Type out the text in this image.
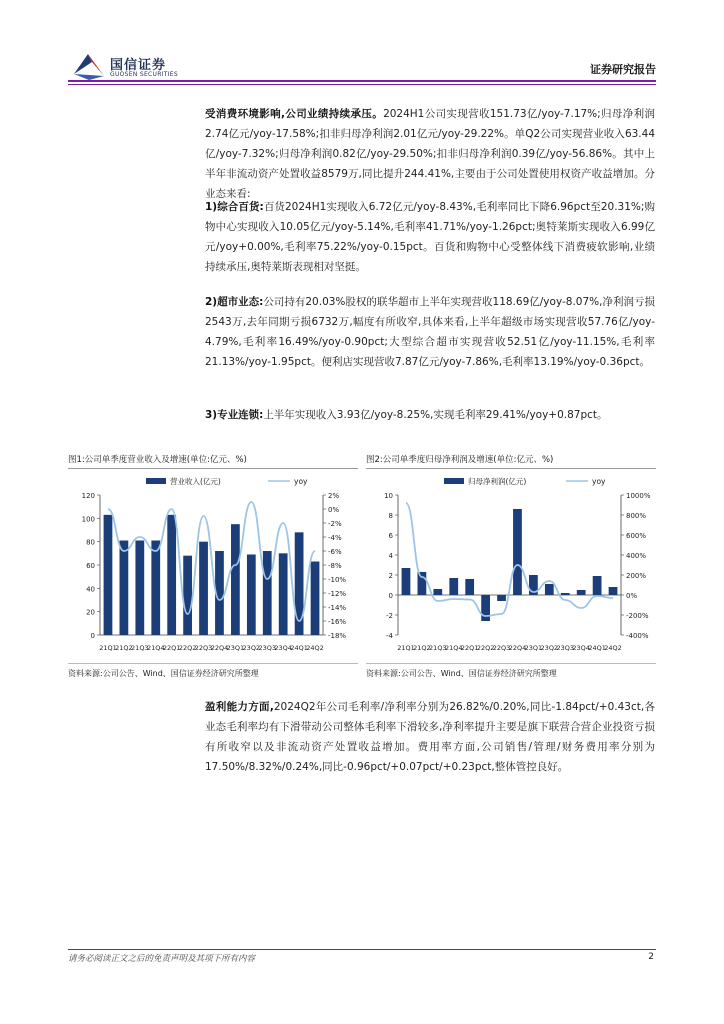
国信证券
GUOSEN SECURITIES	证券研究报告
受消费环境影响,公司业绩持续承压。2024H1公司实现营收151.73亿/yoy-7.17%;归母净利润2.74亿元/yoy-17.58%;扣非归母净利润2.01亿元/yoy-29.22%。单Q2公司实现营业收入63.44亿/yoy-7.32%;归母净利润0.82亿/yoy-29.50%;扣非归母净利润0.39亿/yoy-56.86%。其中上半年非流动资产处置收益8579万,同比提升244.41%,主要由于公司处置使用权资产收益增加。分业态来看:
1)综合百货:百货2024H1实现收入6.72亿元/yoy-8.43%,毛利率同比下降6.96pct至20.31%;购物中心实现收入10.05亿元/yoy-5.14%,毛利率41.71%/yoy-1.26pct;奥特莱斯实现收入6.99亿元/yoy+0.00%,毛利率75.22%/yoy-0.15pct。百货和购物中心受整体线下消费疲软影响,业绩持续承压,奥特莱斯表现相对坚挺。
2)超市业态:公司持有20.03%股权的联华超市上半年实现营收118.69亿/yoy-8.07%,净利润亏损2543万,去年同期亏损6732万,幅度有所收窄,具体来看,上半年超级市场实现营收57.76亿/yoy-4.79%,毛利率16.49%/yoy-0.90pct;大型综合超市实现营收52.51亿/yoy-11.15%,毛利率21.13%/yoy-1.95pct。便利店实现营收7.87亿元/yoy-7.86%,毛利率13.19%/yoy-0.36pct。
3)专业连锁:上半年实现收入3.93亿/yoy-8.25%,实现毛利率29.41%/yoy+0.87pct。
图1:公司单季度营业收入及增速(单位:亿元、%)
营业收入(亿元)	yoy
0
20
40
60
80
100
120	2%
0%
-2%
-4%
-6%
-8%
-10%
-12%
-14%
-16%
-18%
21Q1
21Q2
21Q3
21Q4
22Q1
22Q2
22Q3
22Q4
23Q1
23Q2
23Q3
23Q4
24Q1
24Q2
资料来源:公司公告、Wind、国信证券经济研究所整理
图2:公司单季度归母净利润及增速(单位:亿元、%)
归母净利润(亿元)	yoy
-4
-2
0
2
4
6
8
10	1000%
800%
600%
400%
200%
0%
-200%
-400%
21Q1
21Q2
21Q3
21Q4
22Q1
22Q2
22Q3
22Q4
23Q1
23Q2
23Q3
23Q4
24Q1
24Q2
资料来源:公司公告、Wind、国信证券经济研究所整理
盈利能力方面,2024Q2年公司毛利率/净利率分别为26.82%/0.20%,同比-1.84pct/+0.43ct,各业态毛利率均有下滑带动公司整体毛利率下滑较多,净利率提升主要是旗下联营合营企业投资亏损有所收窄以及非流动资产处置收益增加。费用率方面,公司销售/管理/财务费用率分别为17.50%/8.32%/0.24%,同比-0.96pct/+0.07pct/+0.23pct,整体管控良好。
请务必阅读正文之后的免责声明及其项下所有内容	2
